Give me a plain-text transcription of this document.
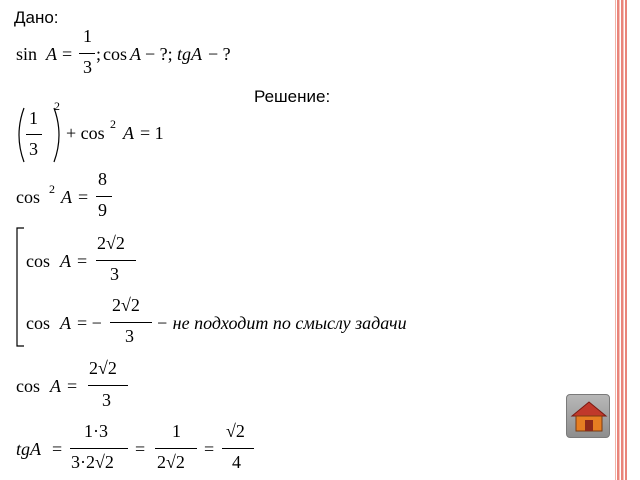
Дано:
sin A =
1
3
; cos A − ?; tgA − ?
Решение:
1
3
2
+ cos 2 A = 1
cos 2 A =
8
9
cos A =
2√2
3
cos A = −
2√2
3
− не подходит по смыслу задачи
cos A =
2√2
3
tgA =
1·3
3·2√2
=
1
2√2
=
√2
4
